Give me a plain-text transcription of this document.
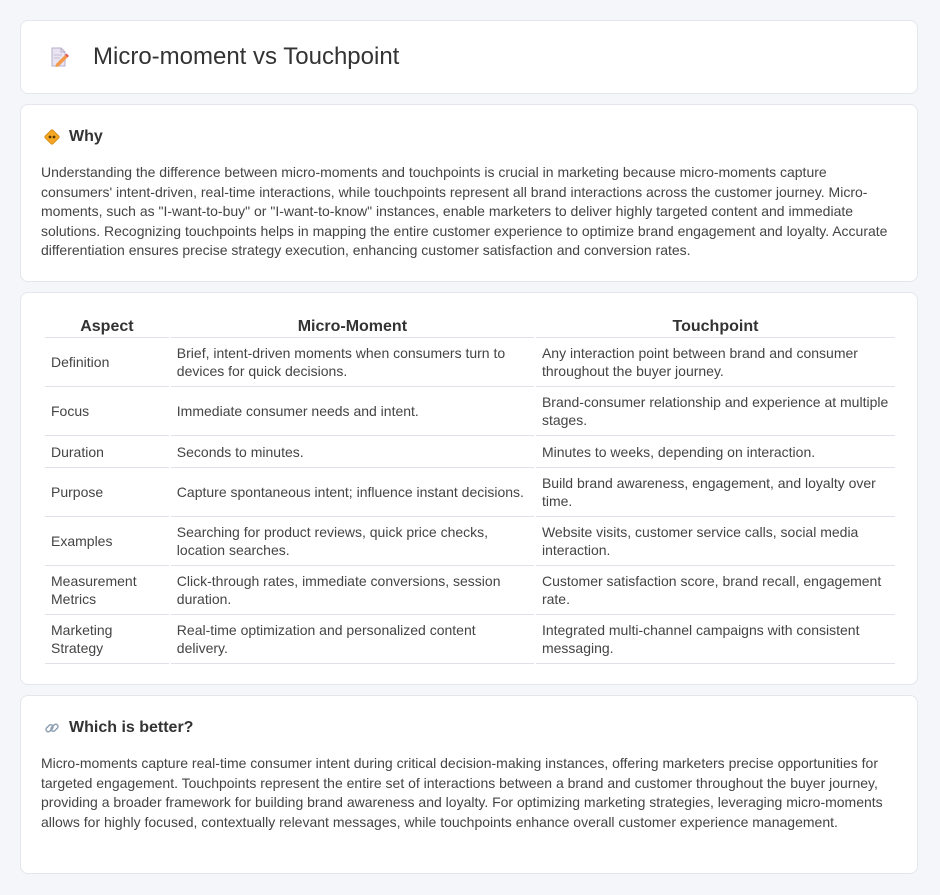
Micro-moment vs Touchpoint
Why

Understanding the difference between micro-moments and touchpoints is crucial in marketing because micro-moments capture consumers' intent-driven, real-time interactions, while touchpoints represent all brand interactions across the customer journey. Micro-moments, such as "I-want-to-buy" or "I-want-to-know" instances, enable marketers to deliver highly targeted content and immediate solutions. Recognizing touchpoints helps in mapping the entire customer experience to optimize brand engagement and loyalty. Accurate differentiation ensures precise strategy execution, enhancing customer satisfaction and conversion rates.

Aspect	Micro-Moment	Touchpoint
Definition	Brief, intent-driven moments when consumers turn to devices for quick decisions.	Any interaction point between brand and consumer throughout the buyer journey.
Focus	Immediate consumer needs and intent.	Brand-consumer relationship and experience at multiple stages.
Duration	Seconds to minutes.	Minutes to weeks, depending on interaction.
Purpose	Capture spontaneous intent; influence instant decisions.	Build brand awareness, engagement, and loyalty over time.
Examples	Searching for product reviews, quick price checks, location searches.	Website visits, customer service calls, social media interaction.
Measurement Metrics	Click-through rates, immediate conversions, session duration.	Customer satisfaction score, brand recall, engagement rate.
Marketing Strategy	Real-time optimization and personalized content delivery.	Integrated multi-channel campaigns with consistent messaging.
Which is better?

Micro-moments capture real-time consumer intent during critical decision-making instances, offering marketers precise opportunities for targeted engagement. Touchpoints represent the entire set of interactions between a brand and customer throughout the buyer journey, providing a broader framework for building brand awareness and loyalty. For optimizing marketing strategies, leveraging micro-moments allows for highly focused, contextually relevant messages, while touchpoints enhance overall customer experience management.
